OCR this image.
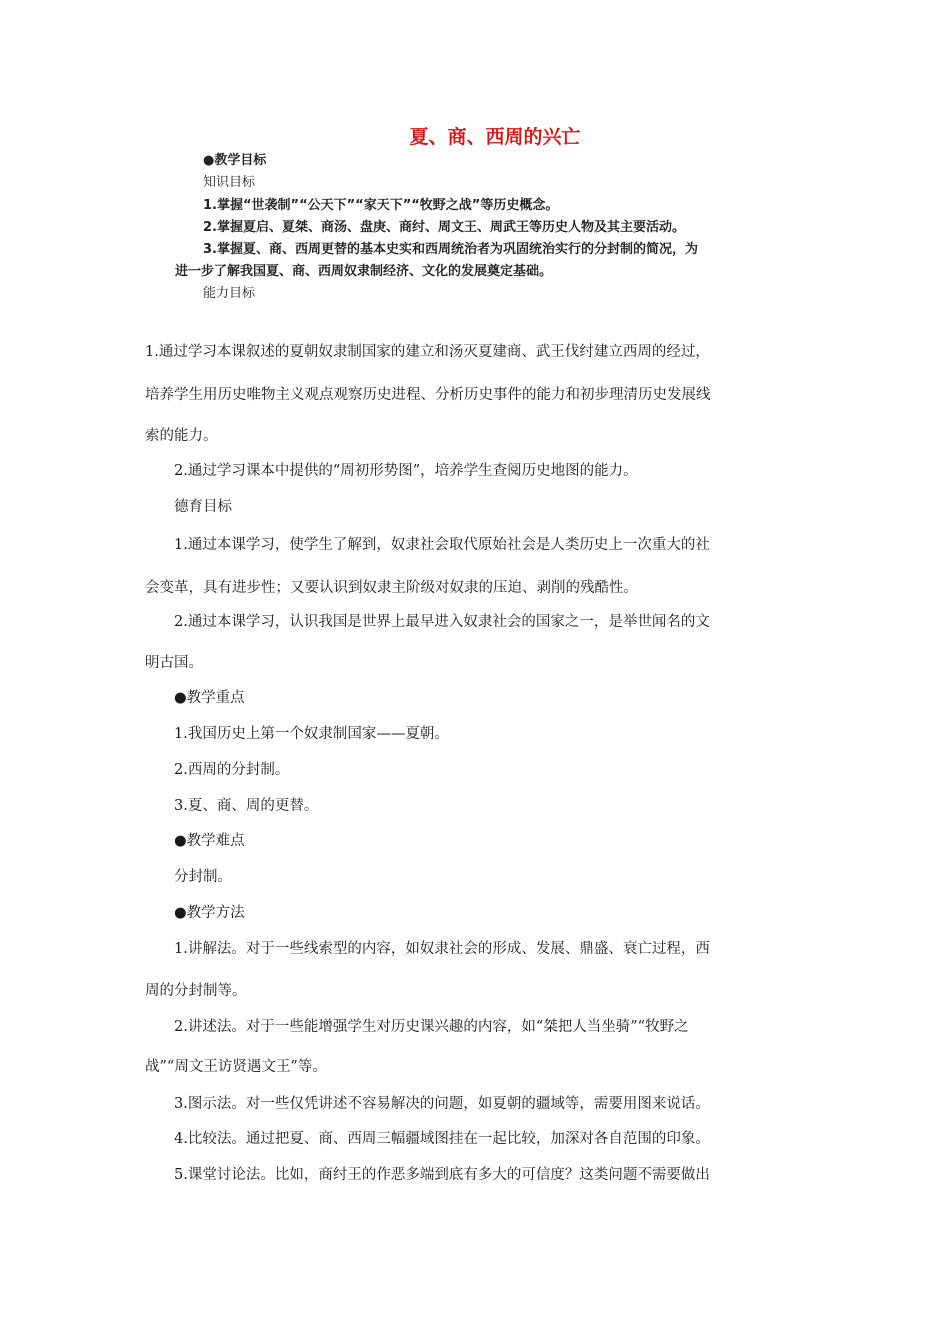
夏、商、西周的兴亡
●教学目标
知识目标
1.掌握“世袭制”“公天下”“家天下”“牧野之战”等历史概念。
2.掌握夏启、夏桀、商汤、盘庚、商纣、周文王、周武王等历史人物及其主要活动。
3.掌握夏、商、西周更替的基本史实和西周统治者为巩固统治实行的分封制的简况，为
进一步了解我国夏、商、西周奴隶制经济、文化的发展奠定基础。
能力目标
1.通过学习本课叙述的夏朝奴隶制国家的建立和汤灭夏建商、武王伐纣建立西周的经过，
培养学生用历史唯物主义观点观察历史进程、分析历史事件的能力和初步理清历史发展线
索的能力。
2.通过学习课本中提供的“周初形势图”，培养学生查阅历史地图的能力。
德育目标
1.通过本课学习，使学生了解到，奴隶社会取代原始社会是人类历史上一次重大的社
会变革，具有进步性；又要认识到奴隶主阶级对奴隶的压迫、剥削的残酷性。
2.通过本课学习，认识我国是世界上最早进入奴隶社会的国家之一，是举世闻名的文
明古国。
●教学重点
1.我国历史上第一个奴隶制国家——夏朝。
2.西周的分封制。
3.夏、商、周的更替。
●教学难点
分封制。
●教学方法
1.讲解法。对于一些线索型的内容，如奴隶社会的形成、发展、鼎盛、衰亡过程，西
周的分封制等。
2.讲述法。对于一些能增强学生对历史课兴趣的内容，如“桀把人当坐骑”“牧野之
战”“周文王访贤遇文王”等。
3.图示法。对一些仅凭讲述不容易解决的问题，如夏朝的疆域等，需要用图来说话。
4.比较法。通过把夏、商、西周三幅疆域图挂在一起比较，加深对各自范围的印象。
5.课堂讨论法。比如，商纣王的作恶多端到底有多大的可信度？这类问题不需要做出
